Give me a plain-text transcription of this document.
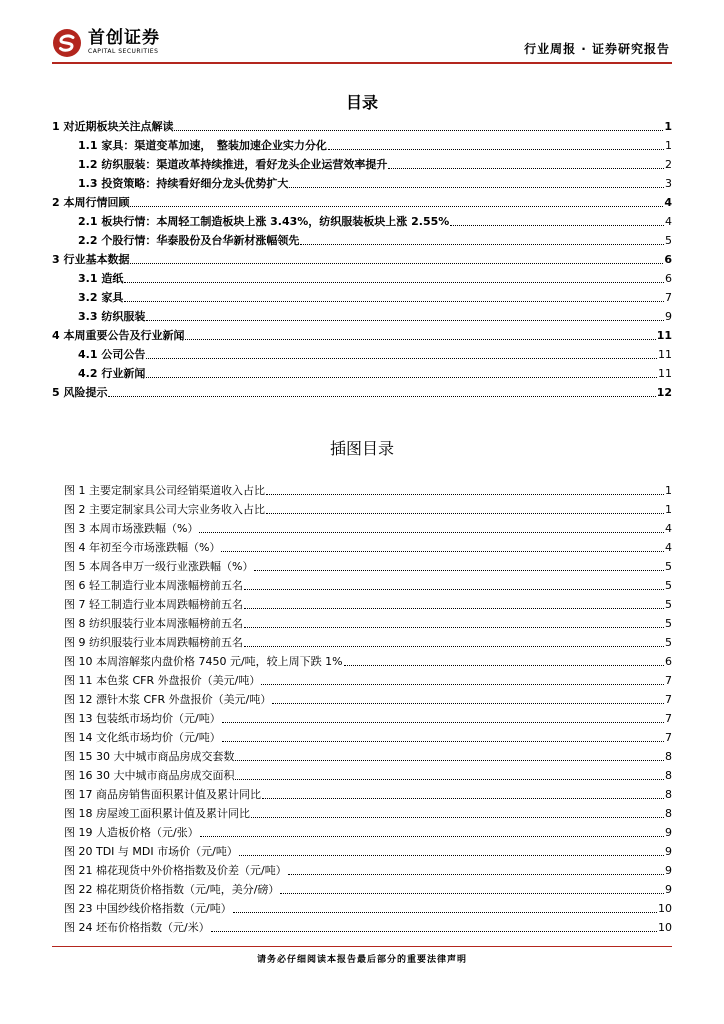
首创证券
CAPITAL SECURITIES	行业周报 · 证券研究报告
目录
1 对近期板块关注点解读	1
1.1 家具：渠道变革加速，　整装加速企业实力分化	1
1.2 纺织服装：渠道改革持续推进，看好龙头企业运营效率提升	2
1.3 投资策略：持续看好细分龙头优势扩大	3
2 本周行情回顾	4
2.1 板块行情：本周轻工制造板块上涨 3.43%，纺织服装板块上涨 2.55%	4
2.2 个股行情：华泰股份及台华新材涨幅领先	5
3 行业基本数据	6
3.1 造纸	6
3.2 家具	7
3.3 纺织服装	9
4 本周重要公告及行业新闻	11
4.1 公司公告	11
4.2 行业新闻	11
5 风险提示	12
插图目录
图 1 主要定制家具公司经销渠道收入占比	1
图 2 主要定制家具公司大宗业务收入占比	1
图 3 本周市场涨跌幅（%）	4
图 4 年初至今市场涨跌幅（%）	4
图 5 本周各申万一级行业涨跌幅（%）	5
图 6 轻工制造行业本周涨幅榜前五名	5
图 7 轻工制造行业本周跌幅榜前五名	5
图 8 纺织服装行业本周涨幅榜前五名	5
图 9 纺织服装行业本周跌幅榜前五名	5
图 10 本周溶解浆内盘价格 7450 元/吨，较上周下跌 1%	6
图 11 本色浆 CFR 外盘报价（美元/吨）	7
图 12 漂针木浆 CFR 外盘报价（美元/吨）	7
图 13 包装纸市场均价（元/吨）	7
图 14 文化纸市场均价（元/吨）	7
图 15 30 大中城市商品房成交套数	8
图 16 30 大中城市商品房成交面积	8
图 17 商品房销售面积累计值及累计同比	8
图 18 房屋竣工面积累计值及累计同比	8
图 19 人造板价格（元/张）	9
图 20 TDI 与 MDI 市场价（元/吨）	9
图 21 棉花现货中外价格指数及价差（元/吨）	9
图 22 棉花期货价格指数（元/吨，美分/磅）	9
图 23 中国纱线价格指数（元/吨）	10
图 24 坯布价格指数（元/米）	10
请务必仔细阅读本报告最后部分的重要法律声明
